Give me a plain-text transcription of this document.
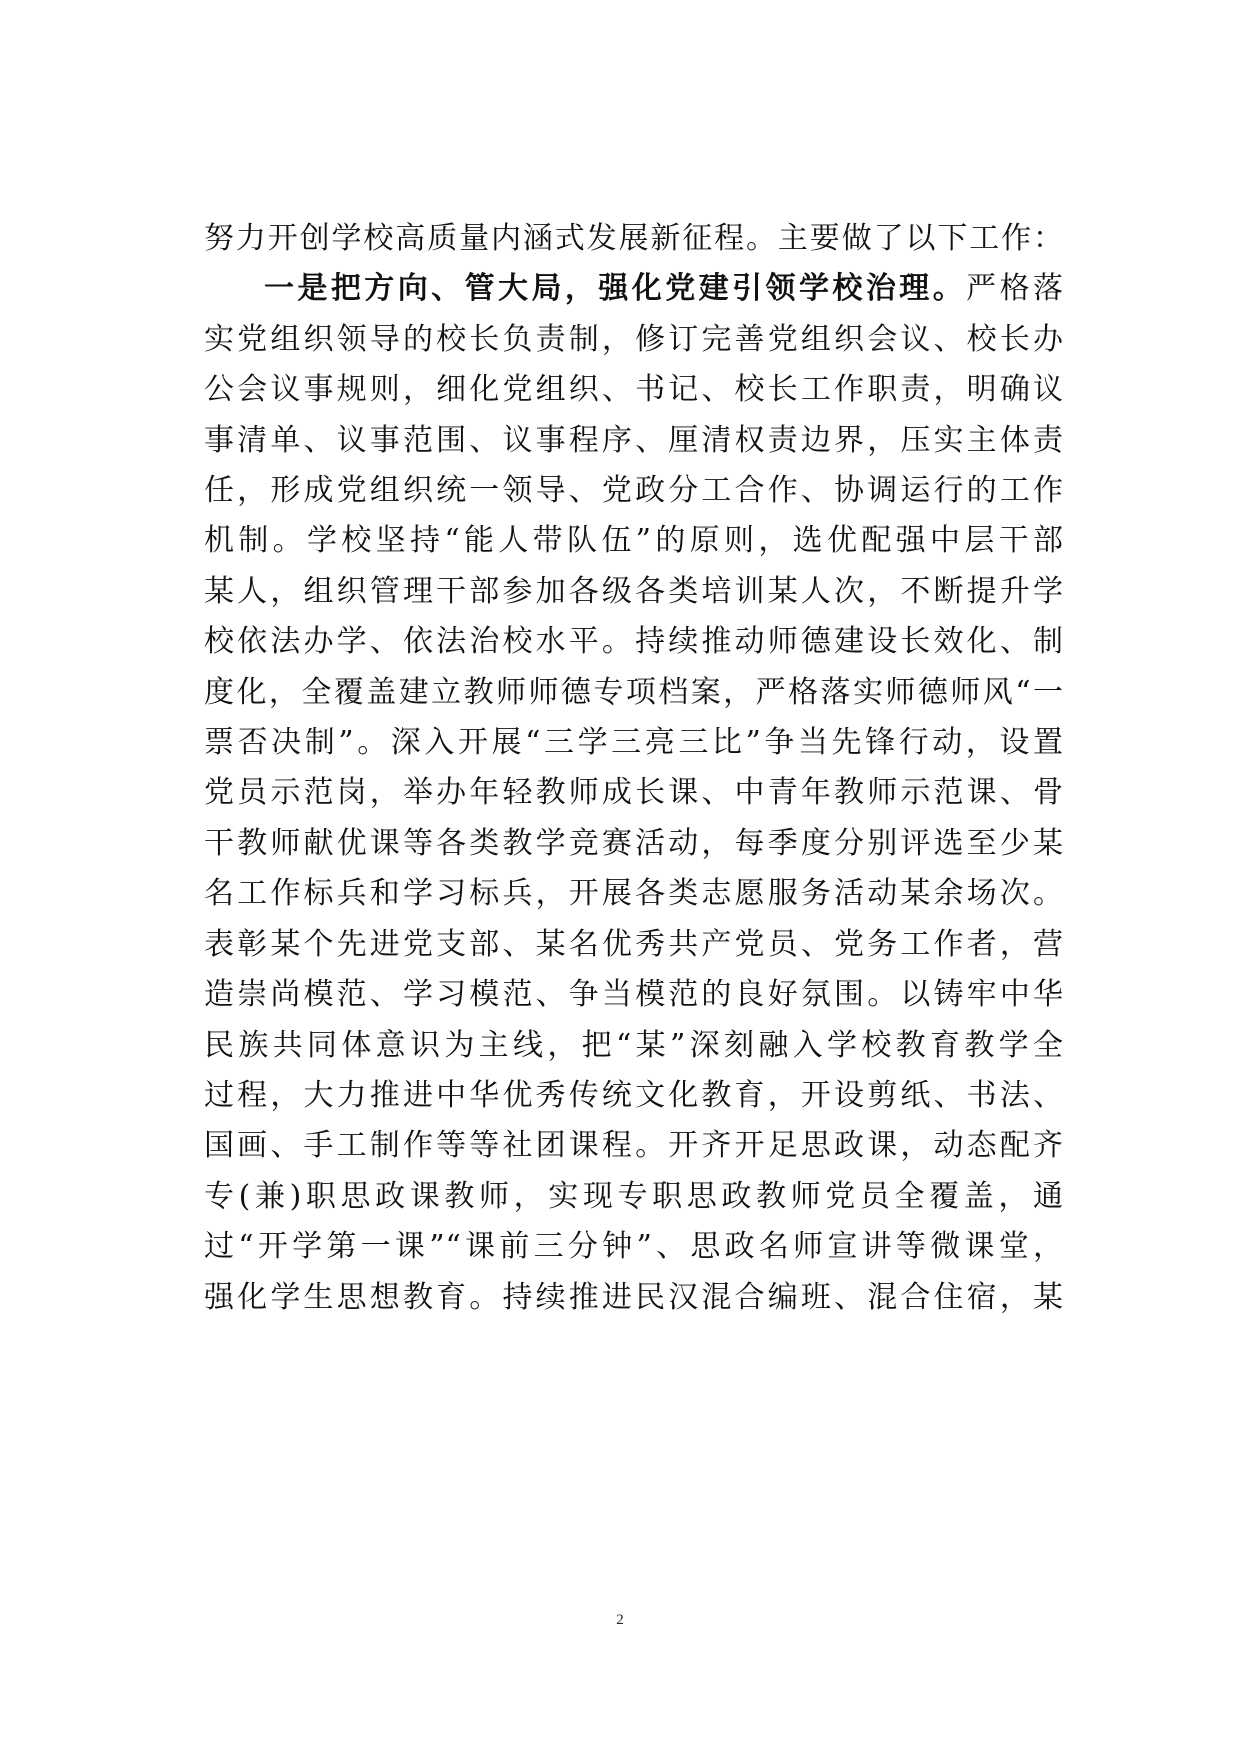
努力开创学校高质量内涵式发展新征程。主要做了以下工作：
一是把方向、管大局，强化党建引领学校治理。严格落
实党组织领导的校长负责制，修订完善党组织会议、校长办
公会议事规则，细化党组织、书记、校长工作职责，明确议
事清单、议事范围、议事程序、厘清权责边界，压实主体责
任，形成党组织统一领导、党政分工合作、协调运行的工作
机制。学校坚持“能人带队伍”的原则，选优配强中层干部
某人，组织管理干部参加各级各类培训某人次，不断提升学
校依法办学、依法治校水平。持续推动师德建设长效化、制
度化，全覆盖建立教师师德专项档案，严格落实师德师风“一
票否决制”。深入开展“三学三亮三比”争当先锋行动，设置
党员示范岗，举办年轻教师成长课、中青年教师示范课、骨
干教师献优课等各类教学竞赛活动，每季度分别评选至少某
名工作标兵和学习标兵，开展各类志愿服务活动某余场次。
表彰某个先进党支部、某名优秀共产党员、党务工作者，营
造崇尚模范、学习模范、争当模范的良好氛围。以铸牢中华
民族共同体意识为主线，把“某”深刻融入学校教育教学全
过程，大力推进中华优秀传统文化教育，开设剪纸、书法、
国画、手工制作等等社团课程。开齐开足思政课，动态配齐
专(兼)职思政课教师，实现专职思政教师党员全覆盖，通
过“开学第一课”“课前三分钟”、思政名师宣讲等微课堂，
强化学生思想教育。持续推进民汉混合编班、混合住宿，某
2
